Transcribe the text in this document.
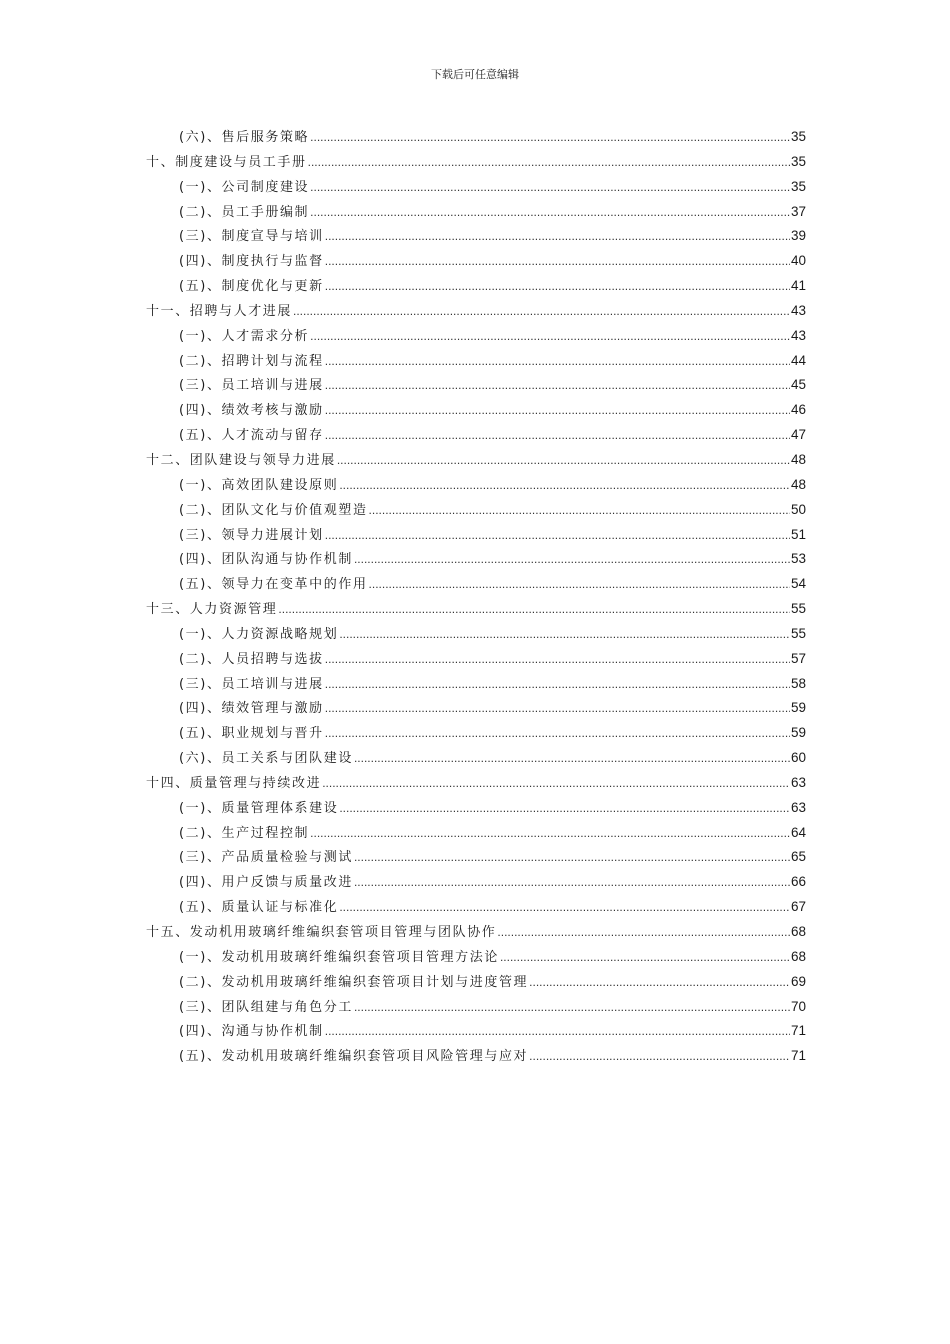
下载后可任意编辑
(六)、售后服务策略 .....	35
十、制度建设与员工手册 .....	35
(一)、公司制度建设 .....	35
(二)、员工手册编制 .....	37
(三)、制度宣导与培训 .....	39
(四)、制度执行与监督 .....	40
(五)、制度优化与更新 .....	41
十一、招聘与人才进展 .....	43
(一)、人才需求分析 .....	43
(二)、招聘计划与流程 .....	44
(三)、员工培训与进展 .....	45
(四)、绩效考核与激励 .....	46
(五)、人才流动与留存 .....	47
十二、团队建设与领导力进展 .....	48
(一)、高效团队建设原则 .....	48
(二)、团队文化与价值观塑造 .....	50
(三)、领导力进展计划 .....	51
(四)、团队沟通与协作机制 .....	53
(五)、领导力在变革中的作用 .....	54
十三、人力资源管理 .....	55
(一)、人力资源战略规划 .....	55
(二)、人员招聘与选拔 .....	57
(三)、员工培训与进展 .....	58
(四)、绩效管理与激励 .....	59
(五)、职业规划与晋升 .....	59
(六)、员工关系与团队建设 .....	60
十四、质量管理与持续改进 .....	63
(一)、质量管理体系建设 .....	63
(二)、生产过程控制 .....	64
(三)、产品质量检验与测试 .....	65
(四)、用户反馈与质量改进 .....	66
(五)、质量认证与标准化 .....	67
十五、发动机用玻璃纤维编织套管项目管理与团队协作 .....	68
(一)、发动机用玻璃纤维编织套管项目管理方法论 .....	68
(二)、发动机用玻璃纤维编织套管项目计划与进度管理 .....	69
(三)、团队组建与角色分工 .....	70
(四)、沟通与协作机制 .....	71
(五)、发动机用玻璃纤维编织套管项目风险管理与应对 .....	71
